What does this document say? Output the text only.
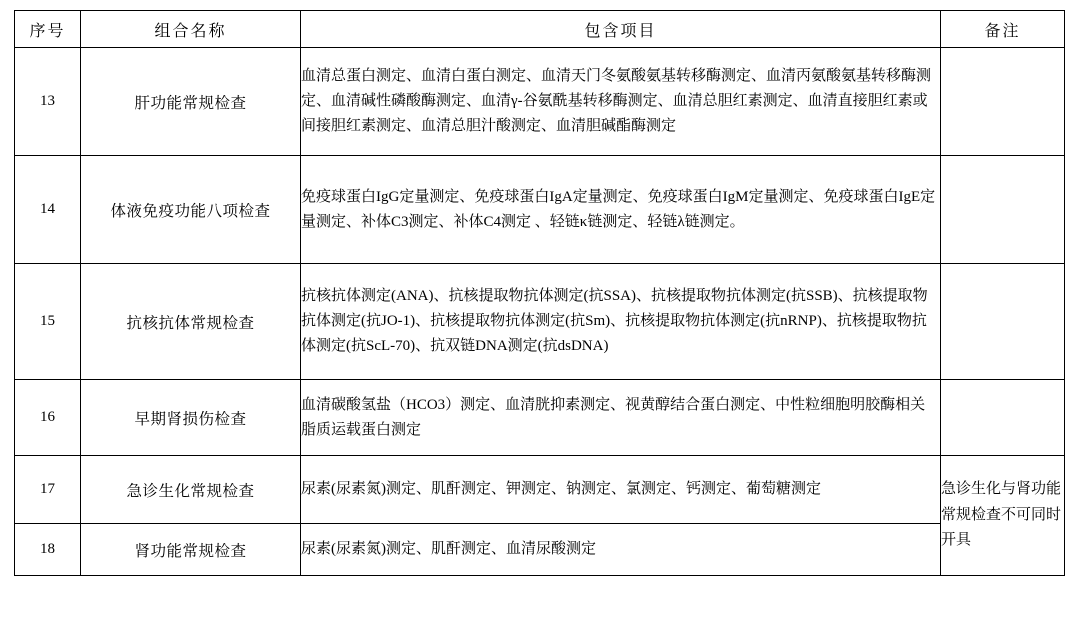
序号	组合名称	包含项目	备注
13	肝功能常规检查	血清总蛋白测定、血清白蛋白测定、血清天门冬氨酸氨基转移酶测定、血清丙氨酸氨基转移酶测定、血清碱性磷酸酶测定、血清γ-谷氨酰基转移酶测定、血清总胆红素测定、血清直接胆红素或间接胆红素测定、血清总胆汁酸测定、血清胆碱酯酶测定	
14	体液免疫功能八项检查	免疫球蛋白IgG定量测定、免疫球蛋白IgA定量测定、免疫球蛋白IgM定量测定、免疫球蛋白IgE定量测定、补体C3测定、补体C4测定 、轻链κ链测定、轻链λ链测定。	
15	抗核抗体常规检查	抗核抗体测定(ANA)、抗核提取物抗体测定(抗SSA)、抗核提取物抗体测定(抗SSB)、抗核提取物抗体测定(抗JO-1)、抗核提取物抗体测定(抗Sm)、抗核提取物抗体测定(抗nRNP)、抗核提取物抗体测定(抗ScL-70)、抗双链DNA测定(抗dsDNA)	
16	早期肾损伤检查	血清碳酸氢盐（HCO3）测定、血清胱抑素测定、视黄醇结合蛋白测定、中性粒细胞明胶酶相关脂质运载蛋白测定	
17	急诊生化常规检查	尿素(尿素氮)测定、肌酐测定、钾测定、钠测定、氯测定、钙测定、葡萄糖测定	急诊生化与肾功能常规检查不可同时开具
18	肾功能常规检查	尿素(尿素氮)测定、肌酐测定、血清尿酸测定	
